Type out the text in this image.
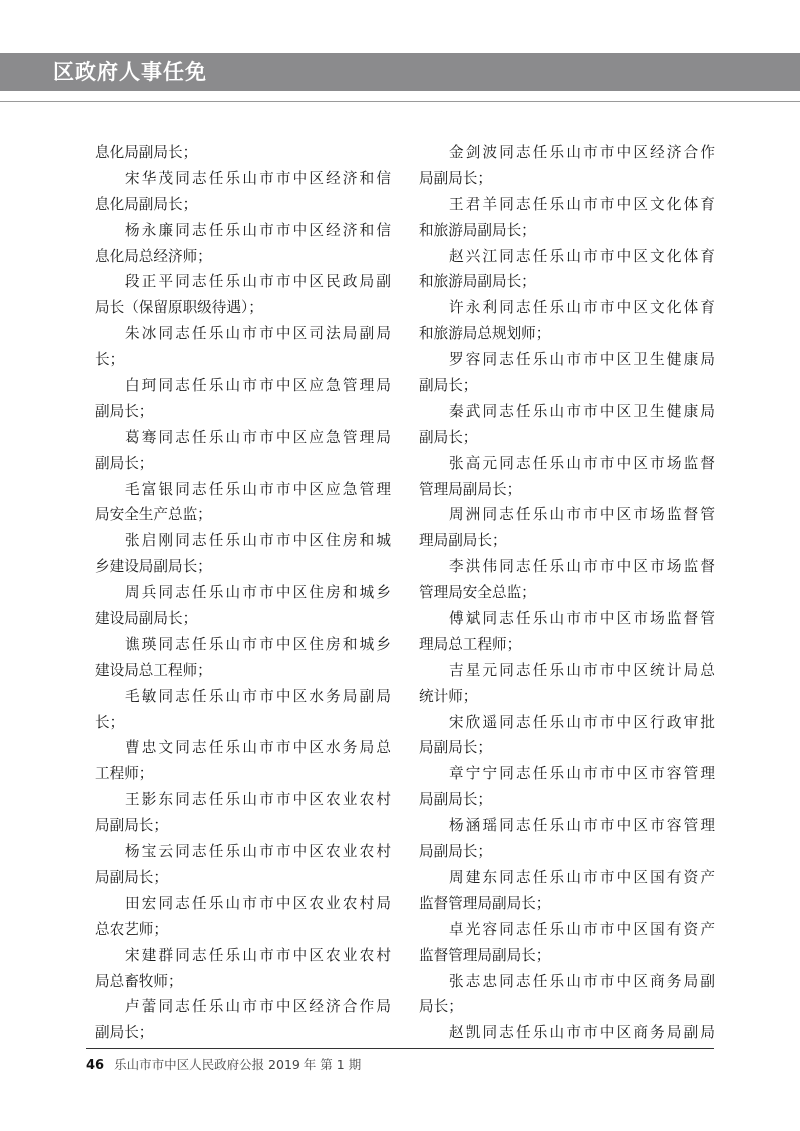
区政府人事任免
息化局副局长；
宋华茂同志任乐山市市中区经济和信
息化局副局长；
杨永廉同志任乐山市市中区经济和信
息化局总经济师；
段正平同志任乐山市市中区民政局副
局长（保留原职级待遇）；
朱冰同志任乐山市市中区司法局副局
长；
白珂同志任乐山市市中区应急管理局
副局长；
葛骞同志任乐山市市中区应急管理局
副局长；
毛富银同志任乐山市市中区应急管理
局安全生产总监；
张启刚同志任乐山市市中区住房和城
乡建设局副局长；
周兵同志任乐山市市中区住房和城乡
建设局副局长；
谯瑛同志任乐山市市中区住房和城乡
建设局总工程师；
毛敏同志任乐山市市中区水务局副局
长；
曹忠文同志任乐山市市中区水务局总
工程师；
王影东同志任乐山市市中区农业农村
局副局长；
杨宝云同志任乐山市市中区农业农村
局副局长；
田宏同志任乐山市市中区农业农村局
总农艺师；
宋建群同志任乐山市市中区农业农村
局总畜牧师；
卢蕾同志任乐山市市中区经济合作局
副局长；
金剑波同志任乐山市市中区经济合作
局副局长；
王君羊同志任乐山市市中区文化体育
和旅游局副局长；
赵兴江同志任乐山市市中区文化体育
和旅游局副局长；
许永利同志任乐山市市中区文化体育
和旅游局总规划师；
罗容同志任乐山市市中区卫生健康局
副局长；
秦武同志任乐山市市中区卫生健康局
副局长；
张高元同志任乐山市市中区市场监督
管理局副局长；
周洲同志任乐山市市中区市场监督管
理局副局长；
李洪伟同志任乐山市市中区市场监督
管理局安全总监；
傅斌同志任乐山市市中区市场监督管
理局总工程师；
吉星元同志任乐山市市中区统计局总
统计师；
宋欣遥同志任乐山市市中区行政审批
局副局长；
章宁宁同志任乐山市市中区市容管理
局副局长；
杨涵瑶同志任乐山市市中区市容管理
局副局长；
周建东同志任乐山市市中区国有资产
监督管理局副局长；
卓光容同志任乐山市市中区国有资产
监督管理局副局长；
张志忠同志任乐山市市中区商务局副
局长；
赵凯同志任乐山市市中区商务局副局
46 乐山市市中区人民政府公报 2019 年 第 1 期
